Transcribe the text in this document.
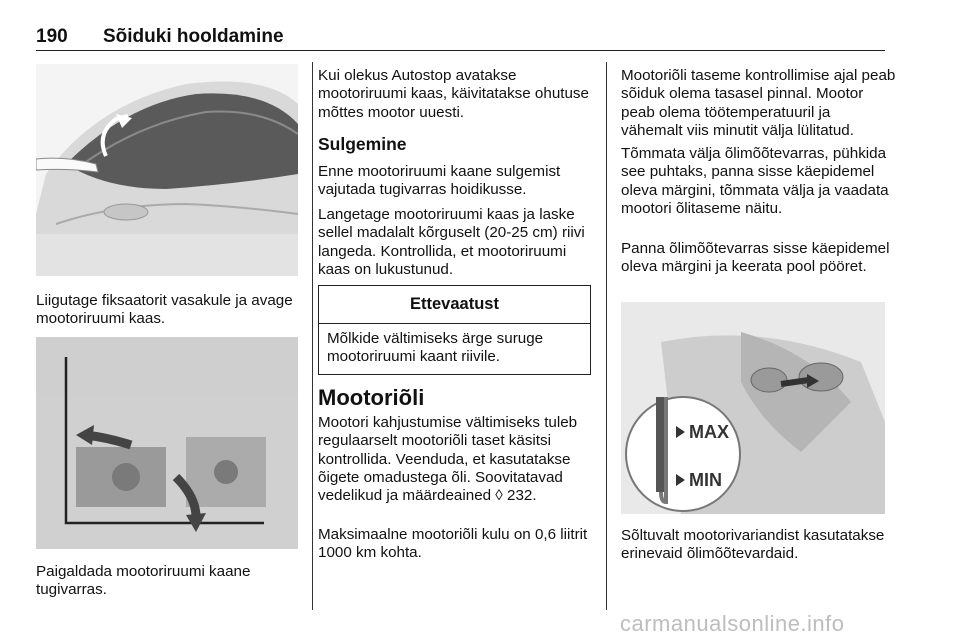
190 Sõiduki hooldamine

Liigutage fiksaatorit vasakule ja avage mootoriruumi kaas.

Paigaldada mootoriruumi kaane tugivarras.

Kui olekus Autostop avatakse mootoriruumi kaas, käivitatakse ohutuse mõttes mootor uuesti.

Sulgemine

Enne mootoriruumi kaane sulgemist vajutada tugivarras hoidikusse.

Langetage mootoriruumi kaas ja laske sellel madalalt kõrguselt (20-25 cm) riivi langeda. Kontrollida, et mootoriruumi kaas on lukustunud.

Ettevaatust
Mõlkide vältimiseks ärge suruge mootoriruumi kaant riivile.
Mootoriõli

Mootori kahjustumise vältimiseks tuleb regulaarselt mootoriõli taset käsitsi kontrollida. Veenduda, et kasutatakse õigete omadustega õli. Soovitatavad vedelikud ja määrdeained ◊ 232.

Maksimaalne mootoriõli kulu on 0,6 liitrit 1000 km kohta.

Mootoriõli taseme kontrollimise ajal peab sõiduk olema tasasel pinnal. Mootor peab olema töötemperatuuril ja vähemalt viis minutit välja lülitatud.

Tõmmata välja õlimõõtevarras, pühkida see puhtaks, panna sisse käepidemel oleva märgini, tõmmata välja ja vaadata mootori õlitaseme näitu.

Panna õlimõõtevarras sisse käepidemel oleva märgini ja keerata pool pööret.

MAX
MIN

Sõltuvalt mootorivariandist kasutatakse erinevaid õlimõõtevardaid.

carmanualsonline.info
